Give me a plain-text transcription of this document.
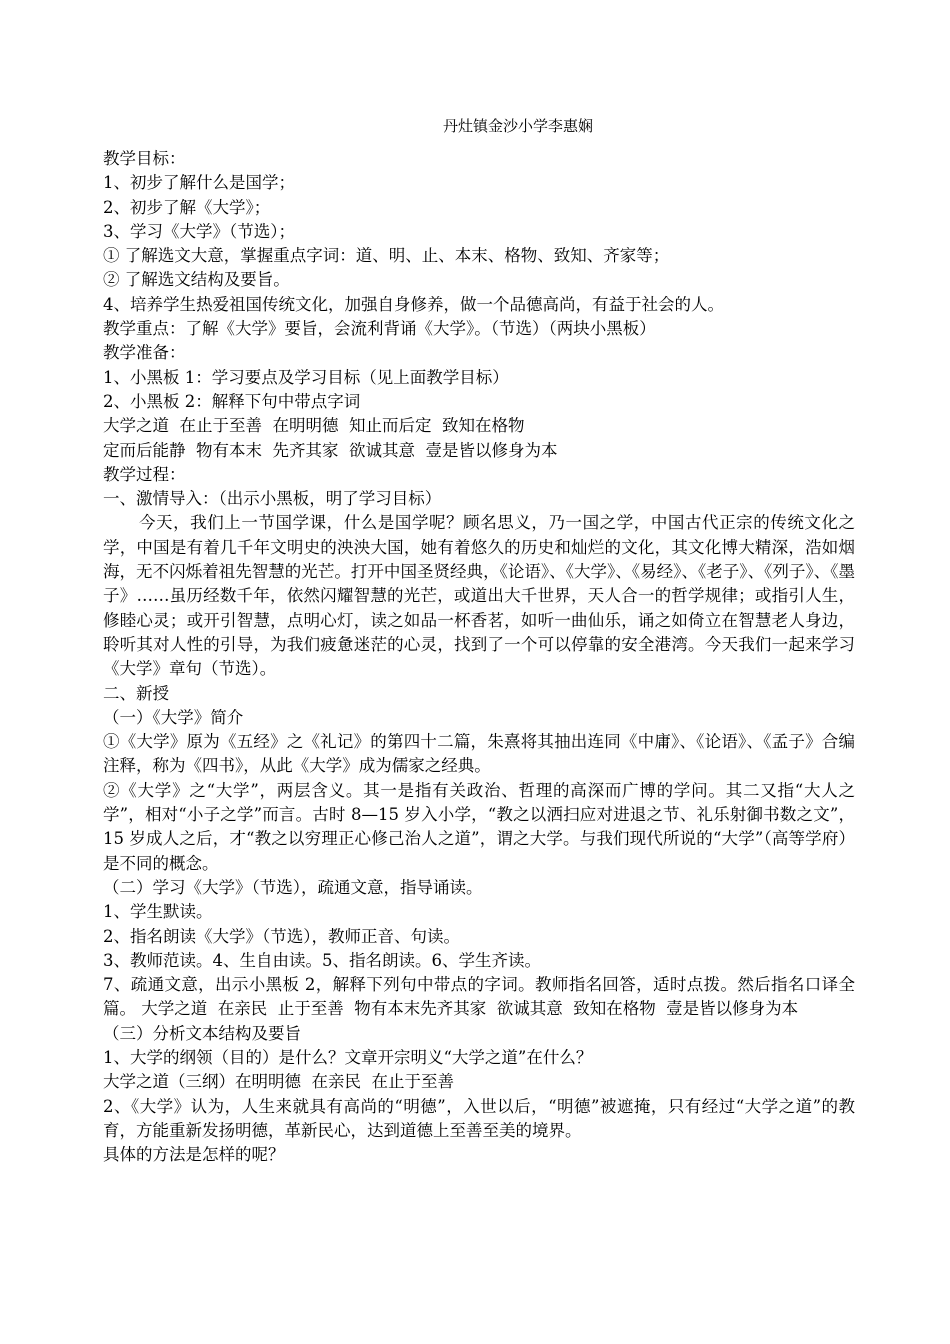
丹灶镇金沙小学李惠娴
教学目标：
1、初步了解什么是国学；
2、初步了解《大学》；
3、学习《大学》（节选）；
① 了解选文大意，掌握重点字词：道、明、止、本末、格物、致知、齐家等；
② 了解选文结构及要旨。
4、培养学生热爱祖国传统文化，加强自身修养，做一个品德高尚，有益于社会的人。
教学重点：了解《大学》要旨，会流利背诵《大学》。（节选）（两块小黑板）
教学准备：
1、小黑板 1：学习要点及学习目标（见上面教学目标）
2、小黑板 2：解释下句中带点字词
大学之道  在止于至善  在明明德  知止而后定  致知在格物
定而后能静  物有本末  先齐其家  欲诚其意  壹是皆以修身为本
教学过程：
一、激情导入：（出示小黑板，明了学习目标）
今天，我们上一节国学课，什么是国学呢？顾名思义，乃一国之学，中国古代正宗的传统文化之学，中国是有着几千年文明史的泱泱大国，她有着悠久的历史和灿烂的文化，其文化博大精深，浩如烟海，无不闪烁着祖先智慧的光芒。打开中国圣贤经典，《论语》、《大学》、《易经》、《老子》、《列子》、《墨子》……虽历经数千年，依然闪耀智慧的光芒，或道出大千世界，天人合一的哲学规律；或指引人生，修睦心灵；或开引智慧，点明心灯，读之如品一杯香茗，如听一曲仙乐，诵之如倚立在智慧老人身边，聆听其对人性的引导，为我们疲惫迷茫的心灵，找到了一个可以停靠的安全港湾。今天我们一起来学习《大学》章句（节选）。
二、新授
（一）《大学》简介
①《大学》原为《五经》之《礼记》的第四十二篇，朱熹将其抽出连同《中庸》、《论语》、《孟子》合编注释，称为《四书》，从此《大学》成为儒家之经典。
②《大学》之“大学”，两层含义。其一是指有关政治、哲理的高深而广博的学问。其二又指“大人之学”，相对“小子之学”而言。古时 8—15 岁入小学，“教之以洒扫应对进退之节、礼乐射御书数之文”，15 岁成人之后，才“教之以穷理正心修己治人之道”，谓之大学。与我们现代所说的“大学”（高等学府）是不同的概念。
（二）学习《大学》（节选），疏通文意，指导诵读。
1、学生默读。
2、指名朗读《大学》（节选），教师正音、句读。
3、教师范读。4、生自由读。5、指名朗读。6、学生齐读。
7、疏通文意，出示小黑板 2，解释下列句中带点的字词。教师指名回答，适时点拨。然后指名口译全篇。 大学之道  在亲民  止于至善  物有本末先齐其家  欲诚其意  致知在格物  壹是皆以修身为本
（三）分析文本结构及要旨
1、大学的纲领（目的）是什么？文章开宗明义“大学之道”在什么？
大学之道（三纲）在明明德  在亲民  在止于至善
2、《大学》认为，人生来就具有高尚的“明德”，入世以后，“明德”被遮掩，只有经过“大学之道”的教育，方能重新发扬明德，革新民心，达到道德上至善至美的境界。
具体的方法是怎样的呢？
